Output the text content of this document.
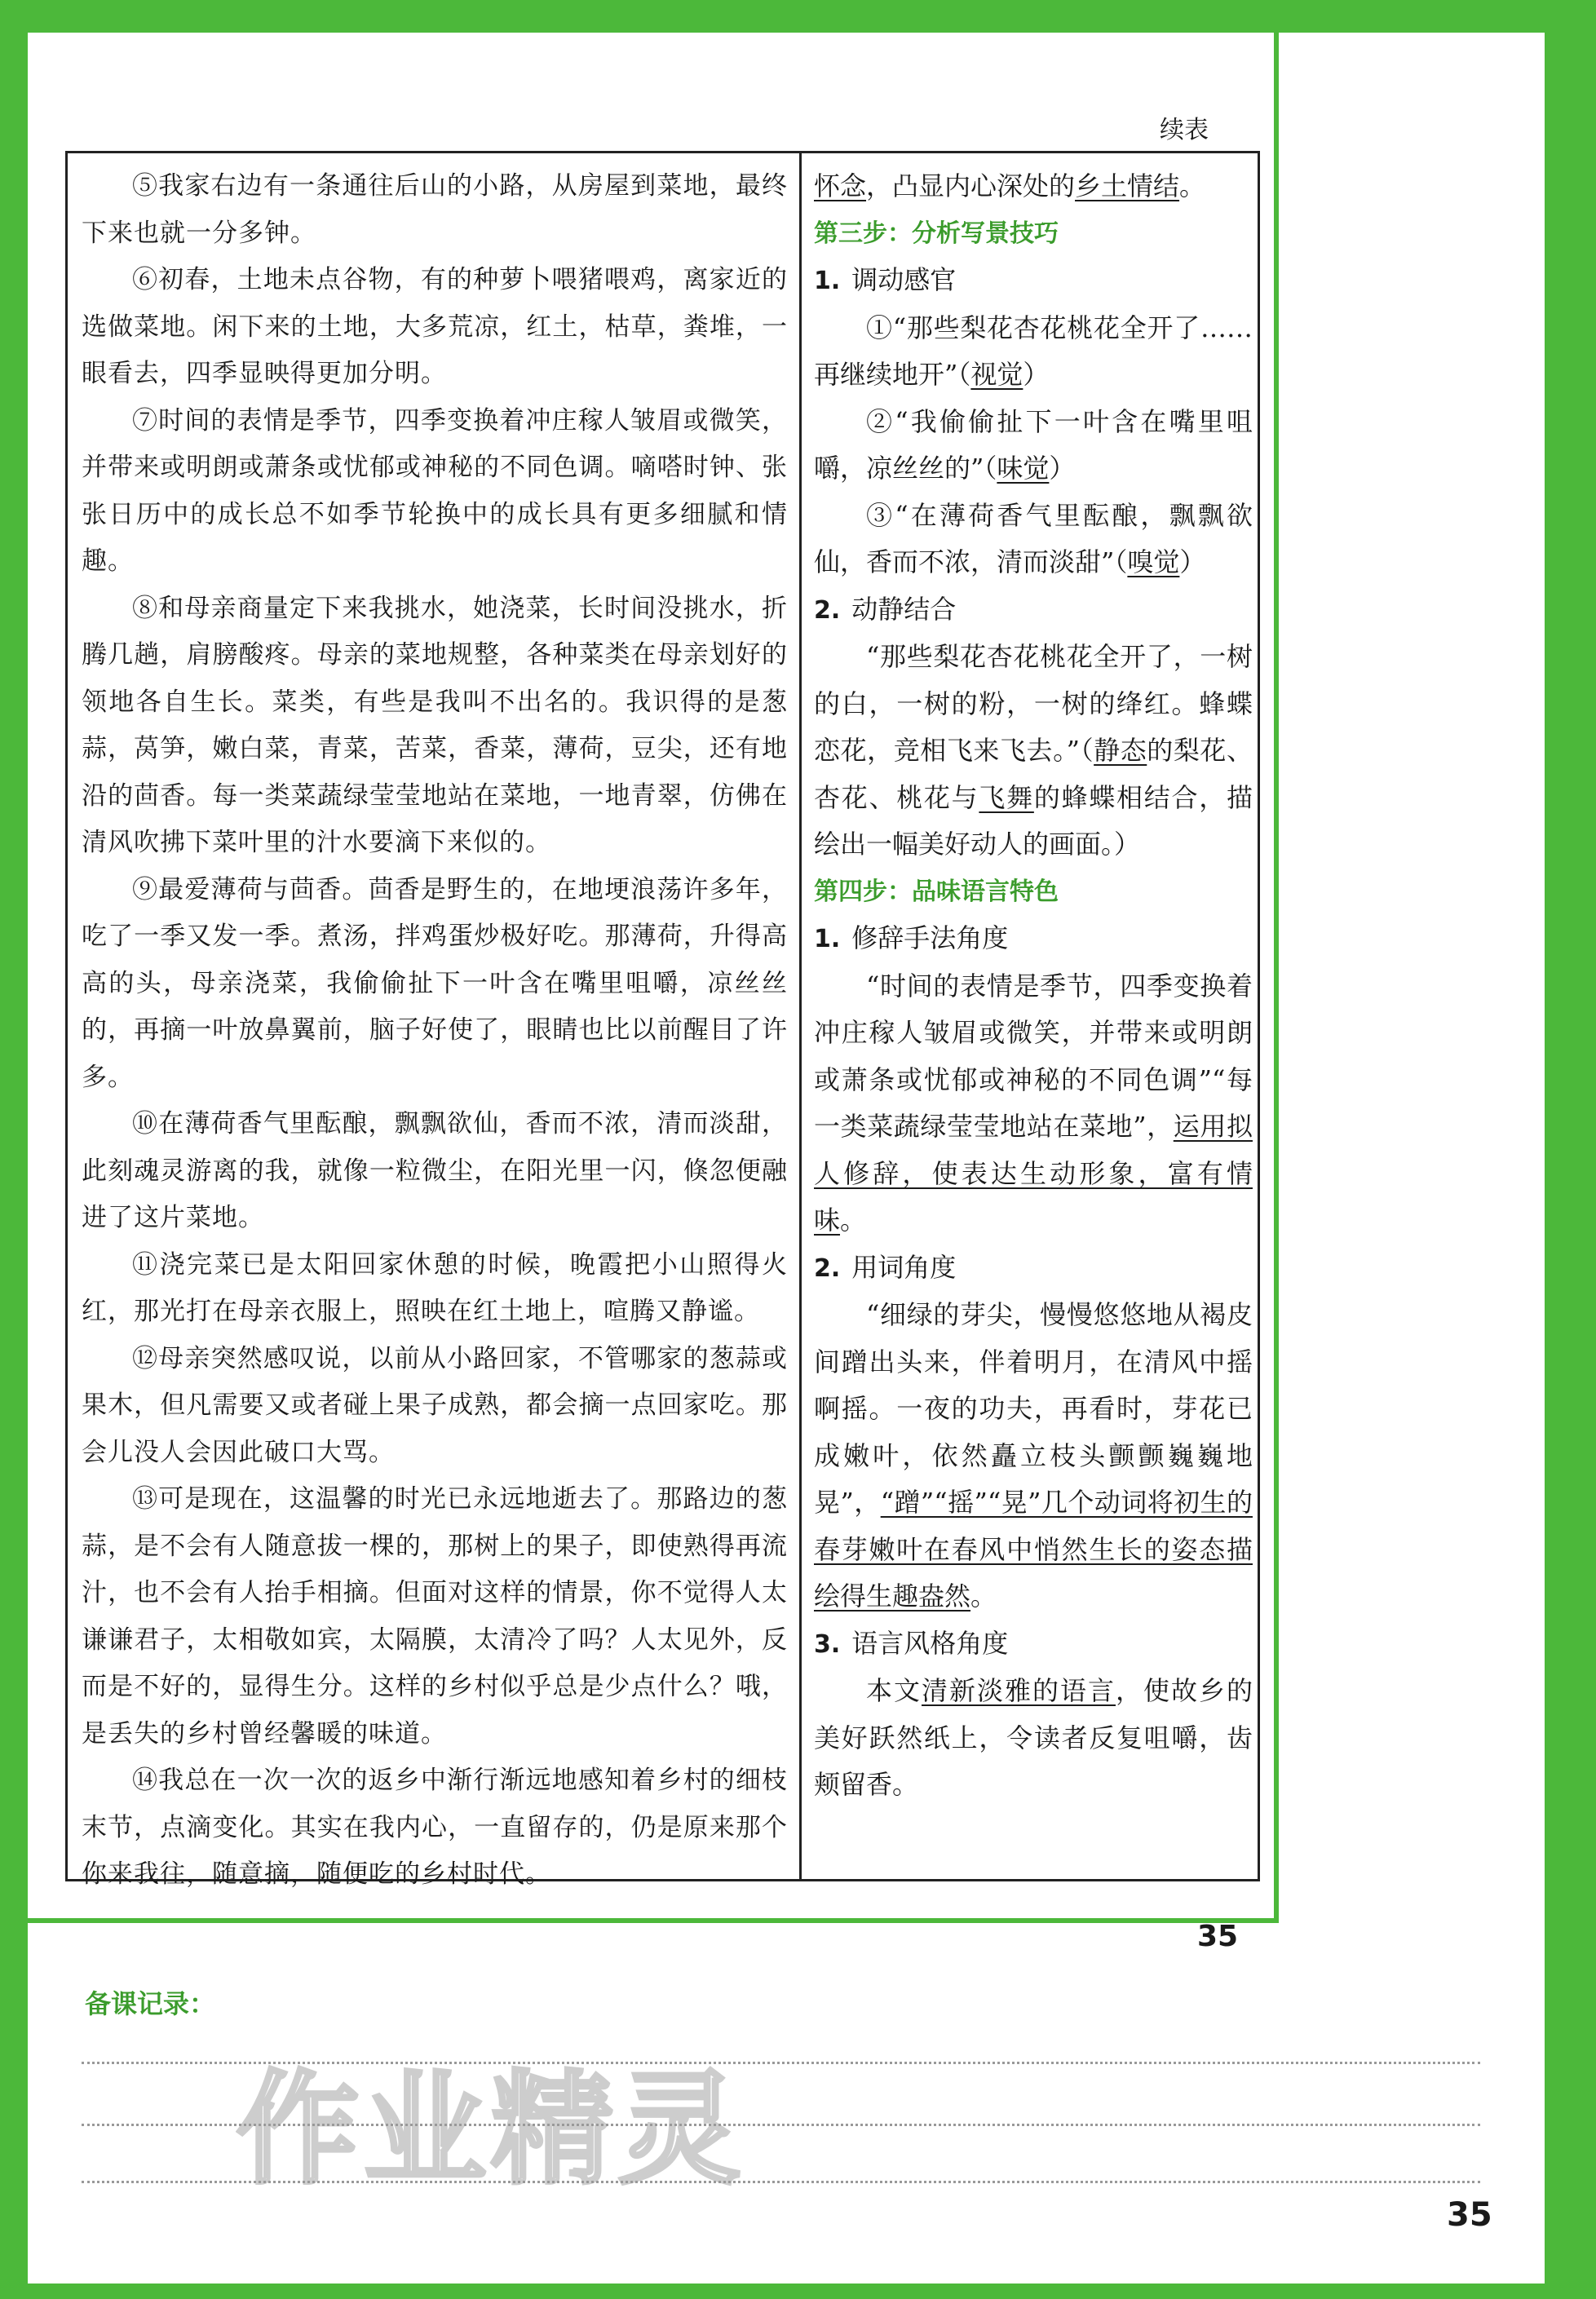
续表

⑤我家右边有一条通往后山的小路，从房屋到菜地，最终下来也就一分多钟。

⑥初春，土地未点谷物，有的种萝卜喂猪喂鸡，离家近的选做菜地。闲下来的土地，大多荒凉，红土，枯草，粪堆，一眼看去，四季显映得更加分明。

⑦时间的表情是季节，四季变换着冲庄稼人皱眉或微笑，并带来或明朗或萧条或忧郁或神秘的不同色调。嘀嗒时钟、张张日历中的成长总不如季节轮换中的成长具有更多细腻和情趣。

⑧和母亲商量定下来我挑水，她浇菜，长时间没挑水，折腾几趟，肩膀酸疼。母亲的菜地规整，各种菜类在母亲划好的领地各自生长。菜类，有些是我叫不出名的。我识得的是葱蒜，莴笋，嫩白菜，青菜，苦菜，香菜，薄荷，豆尖，还有地沿的茴香。每一类菜蔬绿莹莹地站在菜地，一地青翠，仿佛在清风吹拂下菜叶里的汁水要滴下来似的。

⑨最爱薄荷与茴香。茴香是野生的，在地埂浪荡许多年，吃了一季又发一季。煮汤，拌鸡蛋炒极好吃。那薄荷，升得高高的头，母亲浇菜，我偷偷扯下一叶含在嘴里咀嚼，凉丝丝的，再摘一叶放鼻翼前，脑子好使了，眼睛也比以前醒目了许多。

⑩在薄荷香气里酝酿，飘飘欲仙，香而不浓，清而淡甜，此刻魂灵游离的我，就像一粒微尘，在阳光里一闪，倏忽便融进了这片菜地。

⑪浇完菜已是太阳回家休憩的时候，晚霞把小山照得火红，那光打在母亲衣服上，照映在红土地上，喧腾又静谧。

⑫母亲突然感叹说，以前从小路回家，不管哪家的葱蒜或果木，但凡需要又或者碰上果子成熟，都会摘一点回家吃。那会儿没人会因此破口大骂。

⑬可是现在，这温馨的时光已永远地逝去了。那路边的葱蒜，是不会有人随意拔一棵的，那树上的果子，即使熟得再流汁，也不会有人抬手相摘。但面对这样的情景，你不觉得人太谦谦君子，太相敬如宾，太隔膜，太清冷了吗？人太见外，反而是不好的，显得生分。这样的乡村似乎总是少点什么？哦，是丢失的乡村曾经馨暖的味道。

⑭我总在一次一次的返乡中渐行渐远地感知着乡村的细枝末节，点滴变化。其实在我内心，一直留存的，仍是原来那个你来我往，随意摘，随便吃的乡村时代。

怀念，凸显内心深处的乡土情结。

第三步：分析写景技巧

1. 调动感官

①“那些梨花杏花桃花全开了……再继续地开”（视觉）

②“我偷偷扯下一叶含在嘴里咀嚼，凉丝丝的”（味觉）

③“在薄荷香气里酝酿，飘飘欲仙，香而不浓，清而淡甜”（嗅觉）

2. 动静结合

“那些梨花杏花桃花全开了，一树的白，一树的粉，一树的绛红。蜂蝶恋花，竞相飞来飞去。”（静态的梨花、杏花、桃花与飞舞的蜂蝶相结合，描绘出一幅美好动人的画面。）

第四步：品味语言特色

1. 修辞手法角度

“时间的表情是季节，四季变换着冲庄稼人皱眉或微笑，并带来或明朗或萧条或忧郁或神秘的不同色调”“每一类菜蔬绿莹莹地站在菜地”，运用拟人修辞，使表达生动形象，富有情味。

2. 用词角度

“细绿的芽尖，慢慢悠悠地从褐皮间蹭出头来，伴着明月，在清风中摇啊摇。一夜的功夫，再看时，芽花已成嫩叶，依然矗立枝头颤颤巍巍地晃”，“蹭”“摇”“晃”几个动词将初生的春芽嫩叶在春风中悄然生长的姿态描绘得生趣盎然。

3. 语言风格角度

本文清新淡雅的语言，使故乡的美好跃然纸上，令读者反复咀嚼，齿颊留香。

35
备课记录：
作业精灵
35
